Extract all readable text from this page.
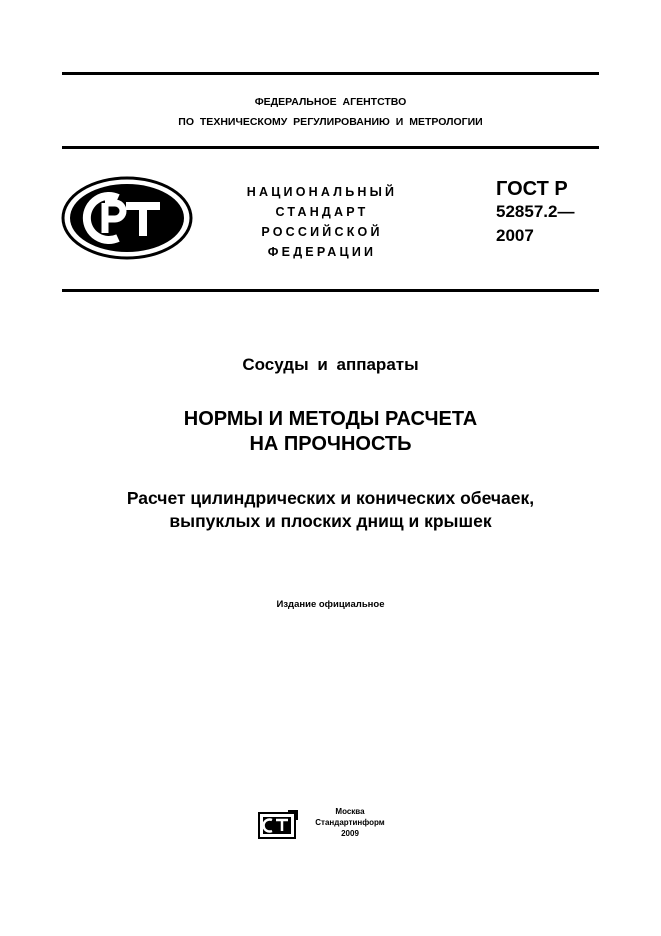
ФЕДЕРАЛЬНОЕ АГЕНТСТВО
ПО ТЕХНИЧЕСКОМУ РЕГУЛИРОВАНИЮ И МЕТРОЛОГИИ
НАЦИОНАЛЬНЫЙ
СТАНДАРТ
РОССИЙСКОЙ
ФЕДЕРАЦИИ
ГОСТ Р
52857.2—
2007
Сосуды и аппараты
НОРМЫ И МЕТОДЫ РАСЧЕТА
НА ПРОЧНОСТЬ
Расчет цилиндрических и конических обечаек,
выпуклых и плоских днищ и крышек
Издание официальное
Москва
Стандартинформ
2009
